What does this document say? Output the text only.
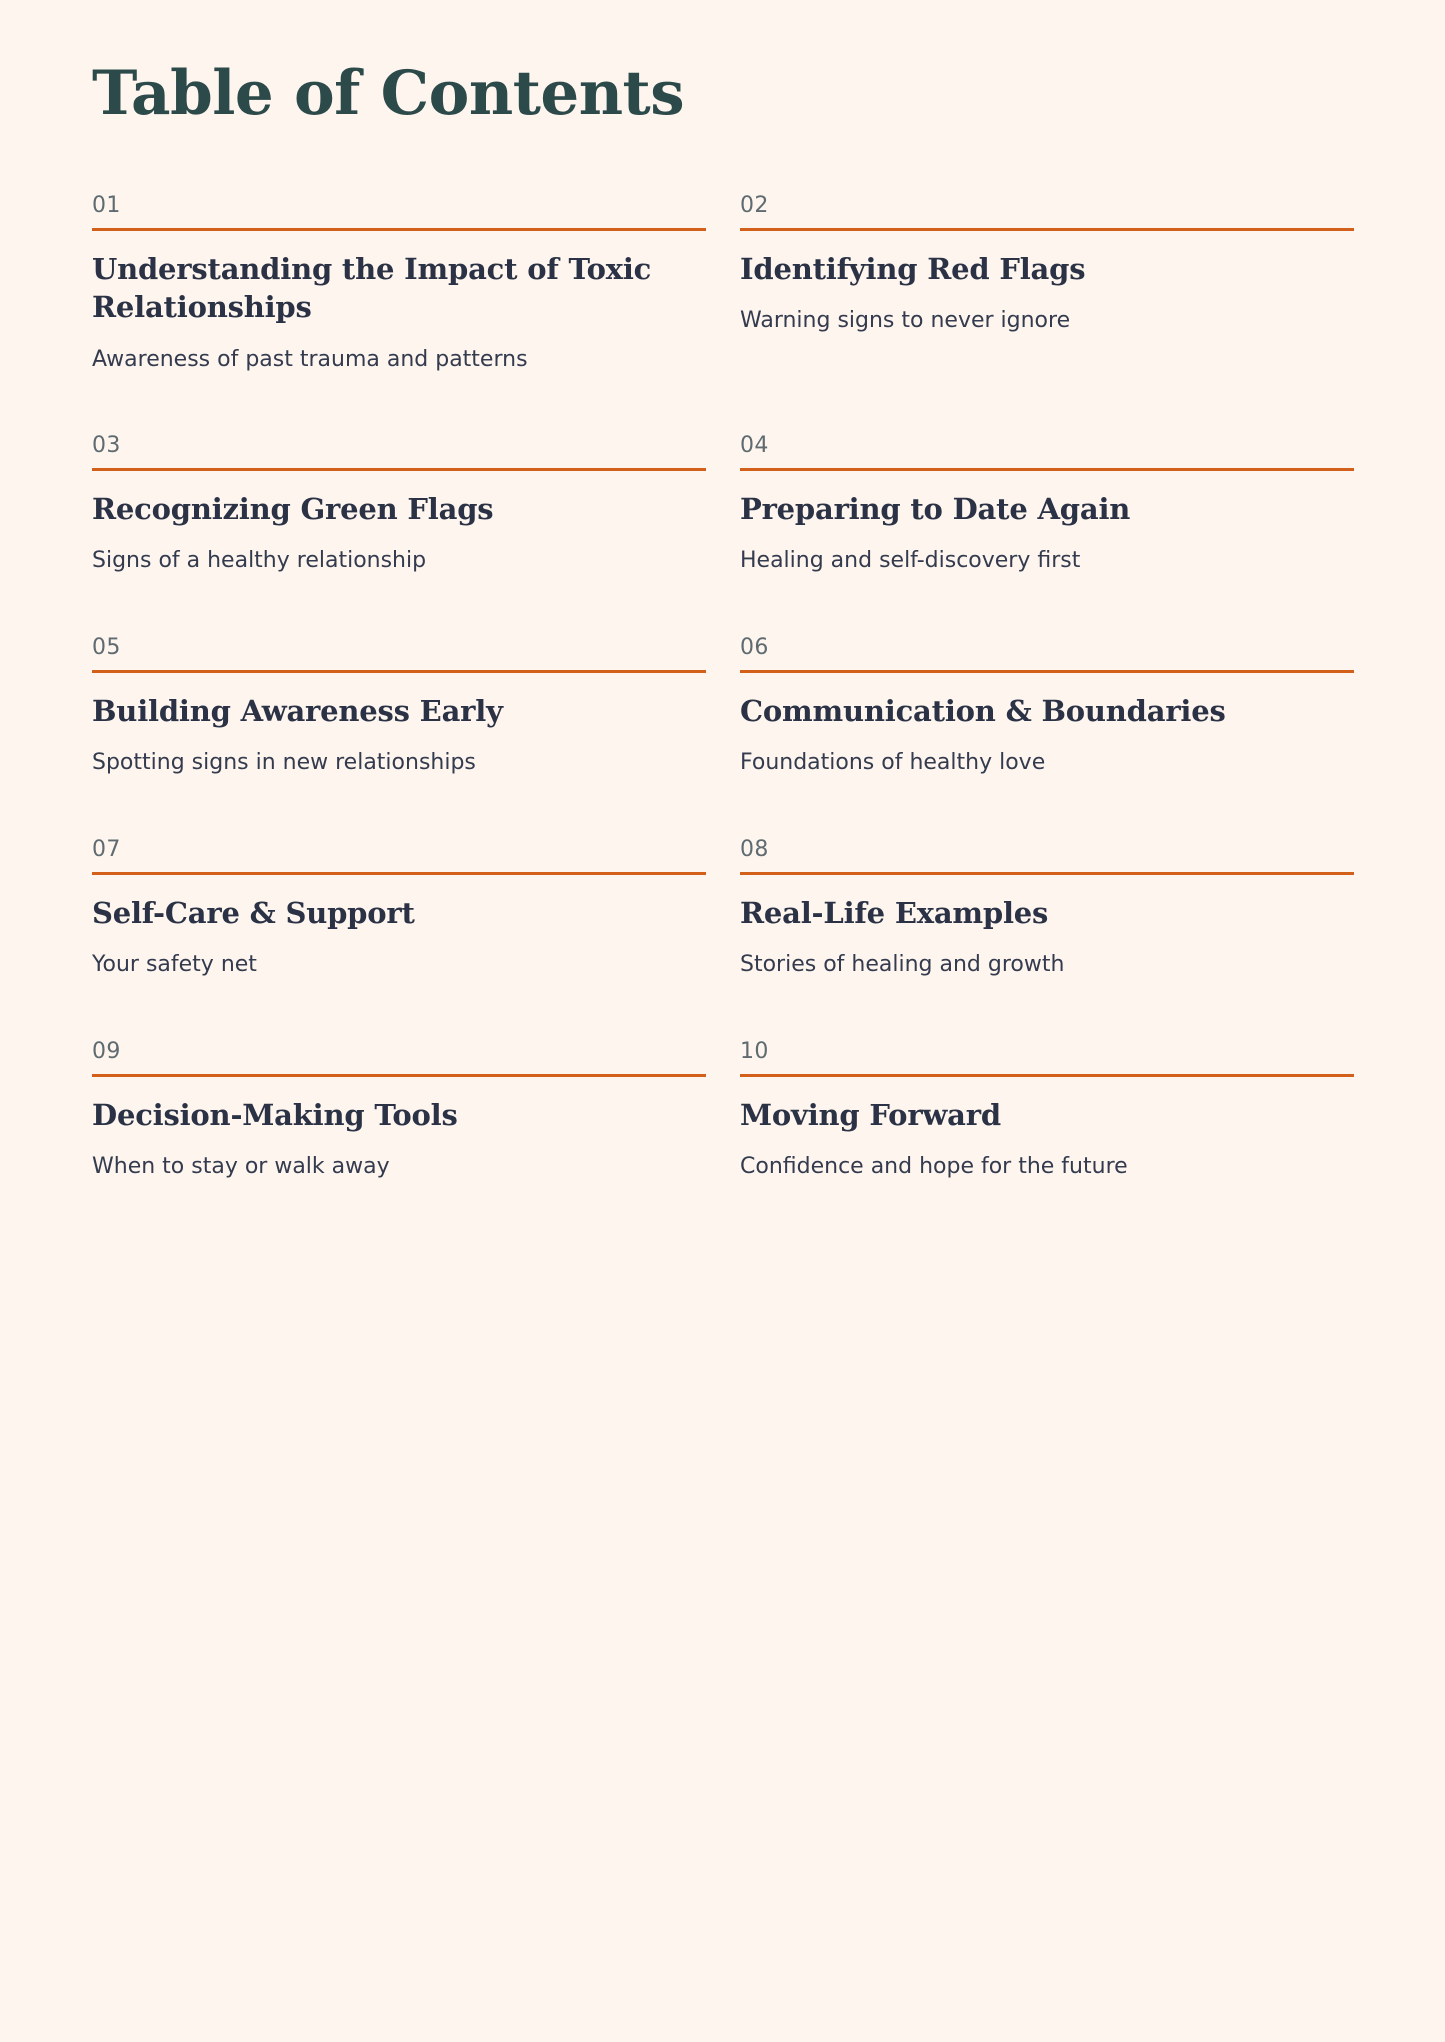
Table of Contents
01
Understanding the Impact of Toxic Relationships
Awareness of past trauma and patterns
02
Identifying Red Flags
Warning signs to never ignore
03
Recognizing Green Flags
Signs of a healthy relationship
04
Preparing to Date Again
Healing and self-discovery first
05
Building Awareness Early
Spotting signs in new relationships
06
Communication & Boundaries
Foundations of healthy love
07
Self-Care & Support
Your safety net
08
Real-Life Examples
Stories of healing and growth
09
Decision-Making Tools
When to stay or walk away
10
Moving Forward
Confidence and hope for the future
